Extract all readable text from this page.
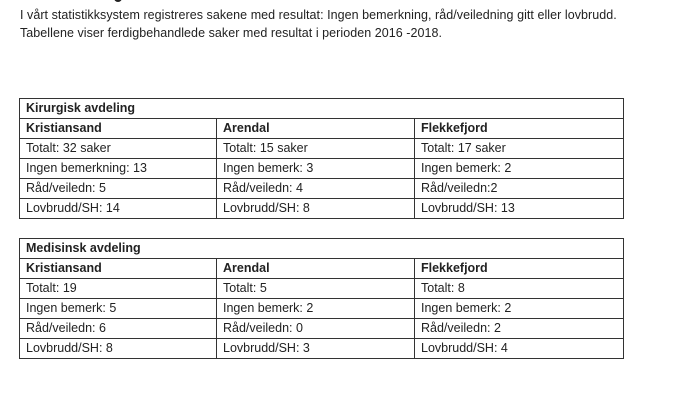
I vårt statistikksystem registreres sakene med resultat: Ingen bemerkning, råd/veiledning gitt eller lovbrudd.

Tabellene viser ferdigbehandlede saker med resultat i perioden 2016 -2018.

Kirurgisk avdeling		
Kristiansand	Arendal	Flekkefjord
Totalt: 32 saker	Totalt: 15 saker	Totalt: 17 saker
Ingen bemerkning: 13	Ingen bemerk: 3	Ingen bemerk: 2
Råd/veiledn: 5	Råd/veiledn: 4	Råd/veiledn:2
Lovbrudd/SH: 14	Lovbrudd/SH: 8	Lovbrudd/SH: 13
Medisinsk avdeling		
Kristiansand	Arendal	Flekkefjord
Totalt: 19	Totalt: 5	Totalt: 8
Ingen bemerk: 5	Ingen bemerk: 2	Ingen bemerk: 2
Råd/veiledn: 6	Råd/veiledn: 0	Råd/veiledn: 2
Lovbrudd/SH: 8	Lovbrudd/SH: 3	Lovbrudd/SH: 4
